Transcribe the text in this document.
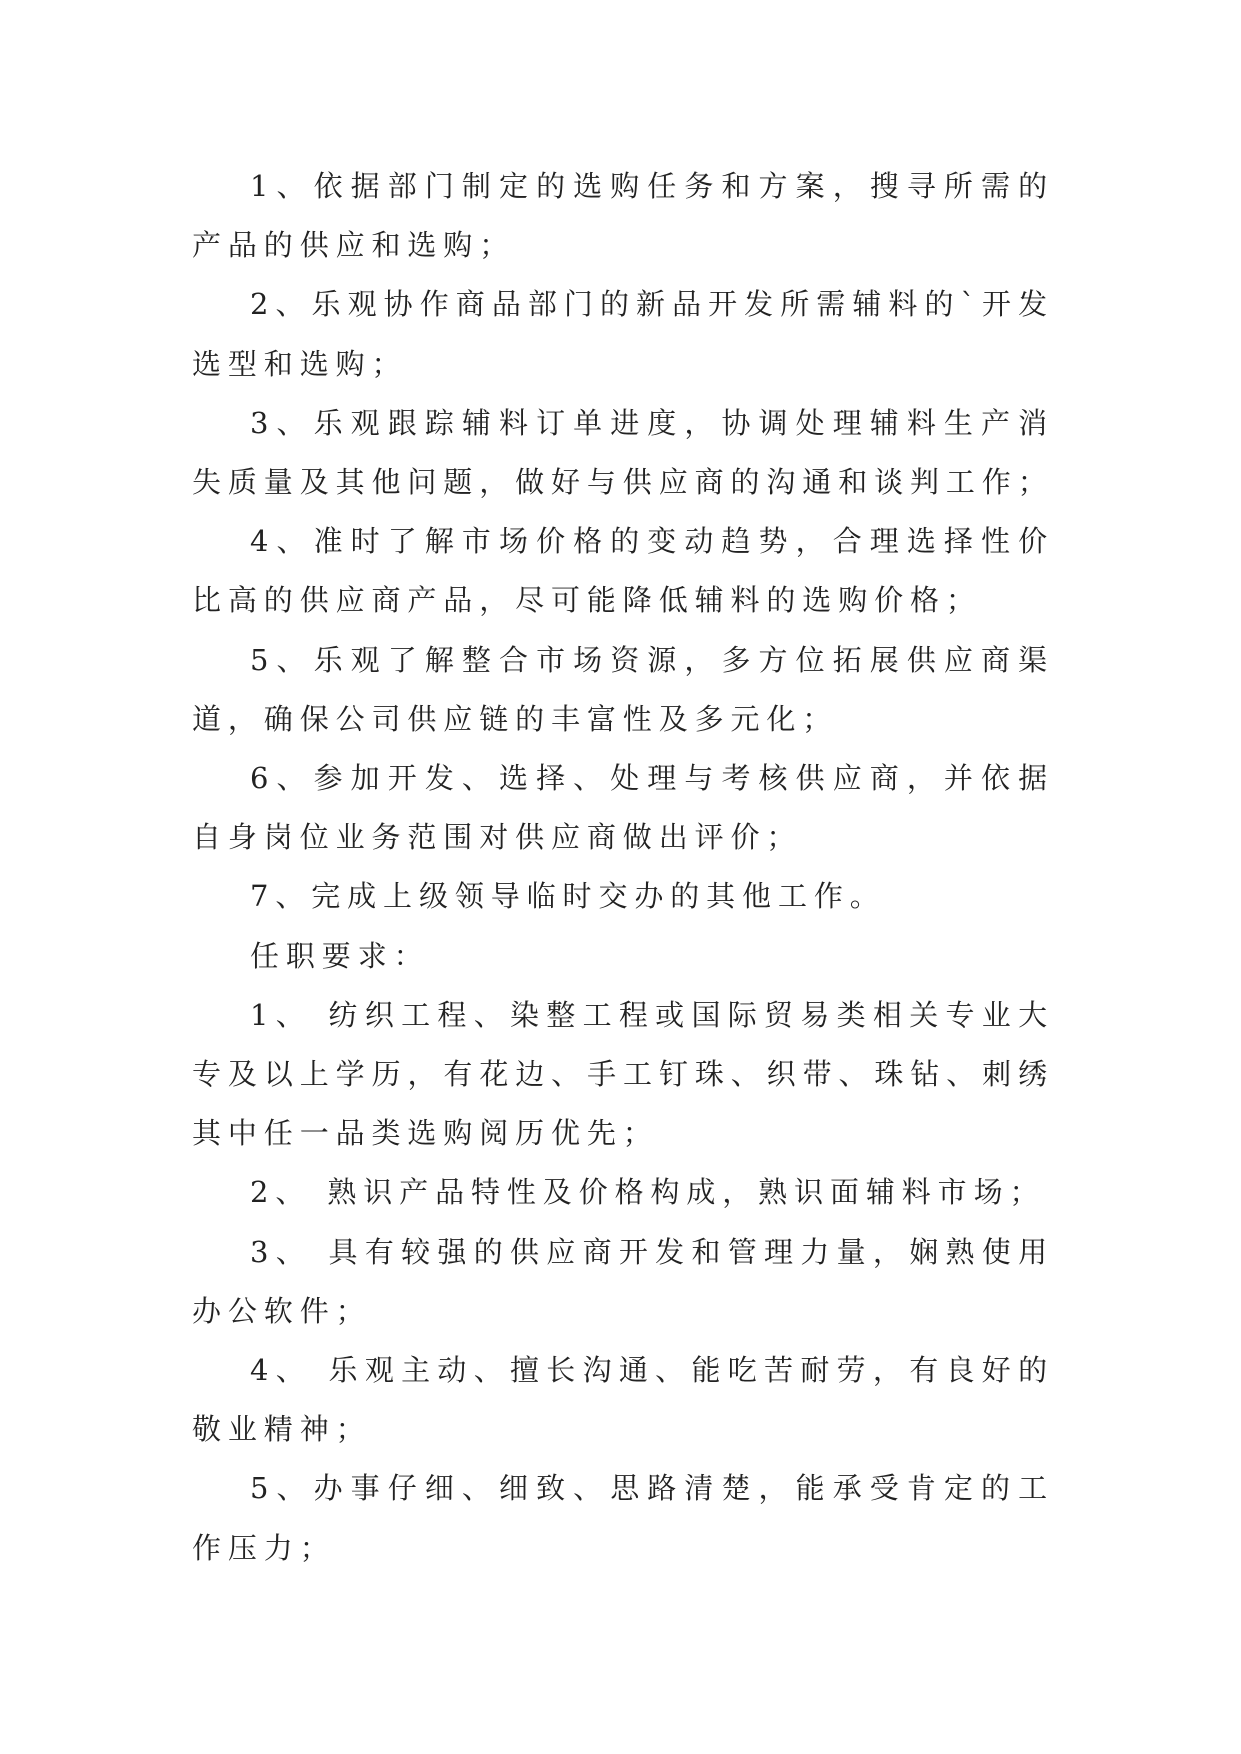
1、依据部门制定的选购任务和方案，搜寻所需的产品的供应和选购；

2、乐观协作商品部门的新品开发所需辅料的`开发选型和选购；

3、乐观跟踪辅料订单进度，协调处理辅料生产消失质量及其他问题，做好与供应商的沟通和谈判工作；

4、准时了解市场价格的变动趋势，合理选择性价比高的供应商产品，尽可能降低辅料的选购价格；

5、乐观了解整合市场资源，多方位拓展供应商渠道，确保公司供应链的丰富性及多元化；

6、参加开发、选择、处理与考核供应商，并依据自身岗位业务范围对供应商做出评价；

7、完成上级领导临时交办的其他工作。

任职要求：

1、 纺织工程、染整工程或国际贸易类相关专业大专及以上学历，有花边、手工钉珠、织带、珠钻、刺绣其中任一品类选购阅历优先；

2、 熟识产品特性及价格构成，熟识面辅料市场；

3、 具有较强的供应商开发和管理力量，娴熟使用办公软件；

4、 乐观主动、擅长沟通、能吃苦耐劳，有良好的敬业精神；

5、办事仔细、细致、思路清楚，能承受肯定的工作压力；
